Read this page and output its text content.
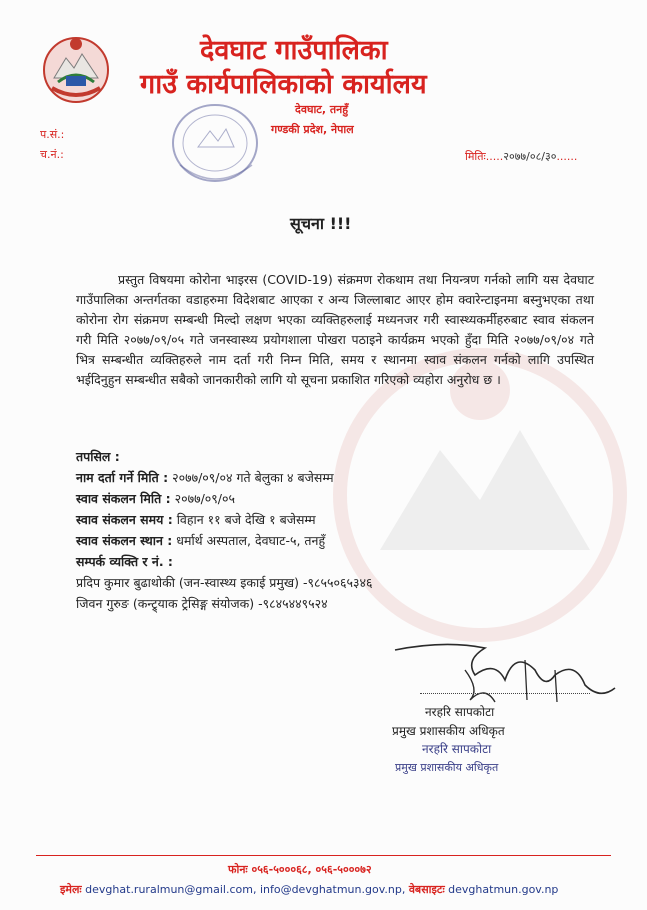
देवघाट गाउँपालिका
गाउँ कार्यपालिकाको कार्यालय
देवघाट, तनहुँ
गण्डकी प्रदेश, नेपाल
प.सं.:
च.नं.:	मितिः.....२०७७/०८/३०......
सूचना !!!
प्रस्तुत विषयमा कोरोना भाइरस (COVID-19) संक्रमण रोकथाम तथा नियन्त्रण गर्नको लागि यस देवघाट गाउँपालिका अन्तर्गतका वडाहरुमा विदेशबाट आएका र अन्य जिल्लाबाट आएर होम क्वारेन्टाइनमा बस्नुभएका तथा कोरोना रोग संक्रमण सम्बन्धी मिल्दो लक्षण भएका व्यक्तिहरुलाई मध्यनजर गरी स्वास्थ्यकर्मीहरुबाट स्वाव संकलन गरी मिति २०७७/०९/०५ गते जनस्वास्थ्य प्रयोगशाला पोखरा पठाइने कार्यक्रम भएको हुँदा मिति २०७७/०९/०४ गते भित्र सम्बन्धीत व्यक्तिहरुले नाम दर्ता गरी निम्न मिति, समय र स्थानमा स्वाव संकलन गर्नको लागि उपस्थित भईदिनुहुन सम्बन्धीत सबैको जानकारीको लागि यो सूचना प्रकाशित गरिएको व्यहोरा अनुरोध छ ।
तपसिल :
नाम दर्ता गर्ने मिति : २०७७/०९/०४ गते बेलुका ४ बजेसम्म
स्वाव संकलन मिति : २०७७/०९/०५
स्वाव संकलन समय : विहान ११ बजे देखि १ बजेसम्म
स्वाव संकलन स्थान : धर्मार्थ अस्पताल, देवघाट-५, तनहुँ
सम्पर्क व्यक्ति र नं. :
प्रदिप कुमार बुढाथोकी (जन-स्वास्थ्य इकाई प्रमुख) -९८५५०६५३४६
जिवन गुरुङ (कन्ट्र्याक ट्रेसिङ्ग संयोजक) -९८४५४४९५२४
नरहरि सापकोटा
प्रमुख प्रशासकीय अधिकृत
नरहरि सापकोटा
प्रमुख प्रशासकीय अधिकृत
फोनः ०५६-५०००६८, ०५६-५०००७२
इमेलः devghat.ruralmun@gmail.com, info@devghatmun.gov.np, वेबसाइटः devghatmun.gov.np
